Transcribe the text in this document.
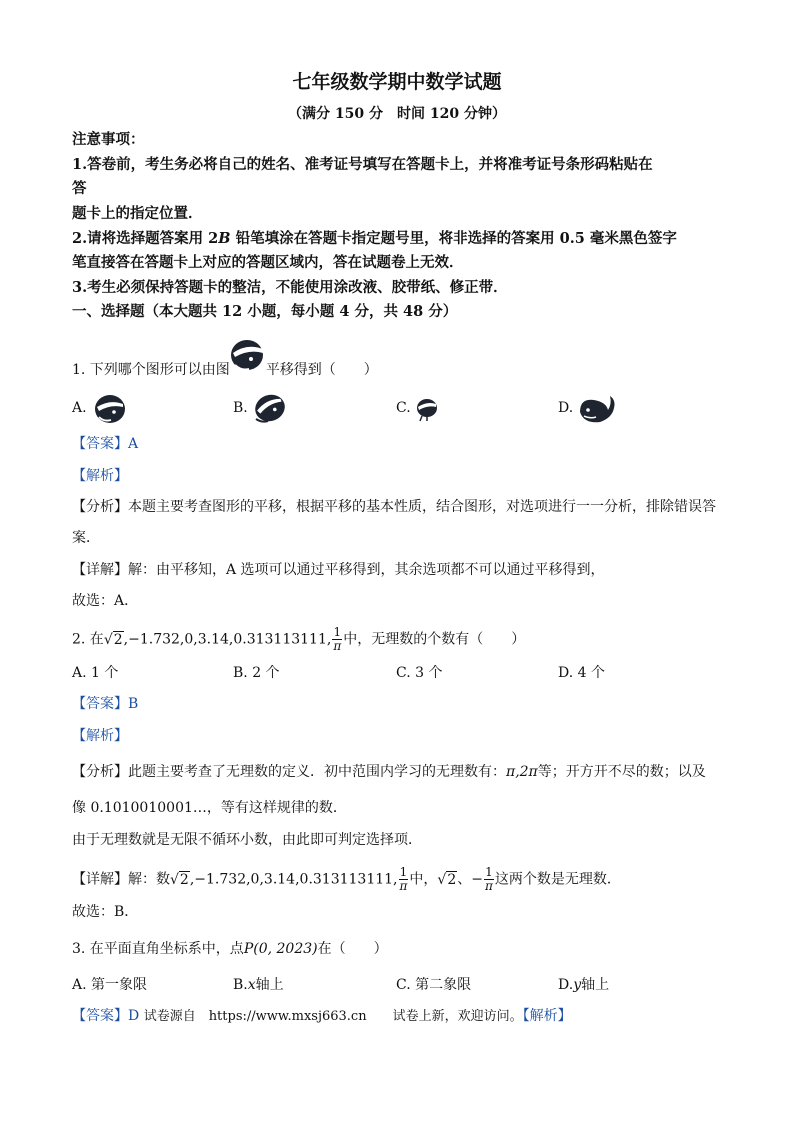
七年级数学期中数学试题
（满分 150 分　时间 120 分钟）
注意事项：
1.答卷前，考生务必将自己的姓名、准考证号填写在答题卡上，并将准考证号条形码粘贴在
答
题卡上的指定位置．
2.请将选择题答案用 2B 铅笔填涂在答题卡指定题号里，将非选择的答案用 0.5 毫米黑色签字
笔直接答在答题卡上对应的答题区域内，答在试题卷上无效．
3.考生必须保持答题卡的整洁，不能使用涂改液、胶带纸、修正带．
一、选择题（本大题共 12 小题，每小题 4 分，共 48 分）
1. 下列哪个图形可以由图	平移得到（　　）
A.	B.	C.	D.
【答案】A
【解析】
【分析】本题主要考查图形的平移，根据平移的基本性质，结合图形，对选项进行一一分析，排除错误答
案．
【详解】解：由平移知，A 选项可以通过平移得到，其余选项都不可以通过平移得到，
故选：A．
2. 在√2,−1.732,0,3.14,0.313113111, $\frac{1}{\pi}$ 中，无理数的个数有（　　）
A. 1 个	B. 2 个	C. 3 个	D. 4 个
【答案】B
【解析】
【分析】此题主要考查了无理数的定义．初中范围内学习的无理数有：π,2π等；开方开不尽的数；以及
像 0.1010010001…，等有这样规律的数．
由于无理数就是无限不循环小数，由此即可判定选择项．
【详解】解：数√2,−1.732,0,3.14,0.313113111, $\frac{1}{\pi}$ 中，√2、− $\frac{1}{\pi}$ 这两个数是无理数．
故选：B．
3. 在平面直角坐标系中，点P(0, 2023)在（　　）
A. 第一象限	B.x轴上	C. 第二象限	D.y轴上
【答案】D 试卷源自　https://www.mxsj663.cn　　试卷上新，欢迎访问。【解析】
